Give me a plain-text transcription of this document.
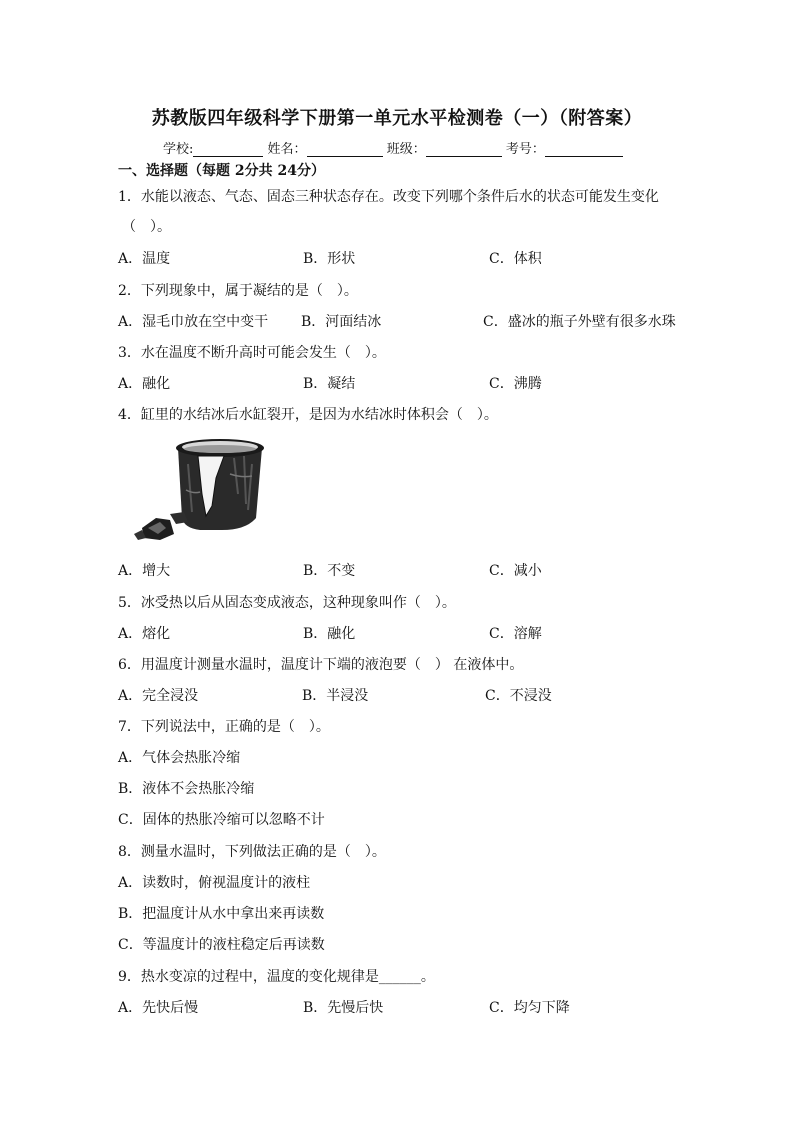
苏教版四年级科学下册第一单元水平检测卷（一）（附答案）
学校:	姓名：	班级：	考号：
一、选择题（每题 2分共 24分）
1．水能以液态、气态、固态三种状态存在。改变下列哪个条件后水的状态可能发生变化
（　）。
A．温度	B．形状	C．体积
2．下列现象中，属于凝结的是（　）。
A．湿毛巾放在空中变干 B．河面结冰	C．盛冰的瓶子外壁有很多水珠
3．水在温度不断升高时可能会发生（　）。
A．融化	B．凝结	C．沸腾
4．缸里的水结冰后水缸裂开，是因为水结冰时体积会（　）。
A．增大	B．不变	C．减小
5．冰受热以后从固态变成液态，这种现象叫作（　）。
A．熔化	B．融化	C．溶解
6．用温度计测量水温时，温度计下端的液泡要（　） 在液体中。
A．完全浸没	B．半浸没	C．不浸没
7．下列说法中，正确的是（　）。
A．气体会热胀冷缩
B．液体不会热胀冷缩
C．固体的热胀冷缩可以忽略不计
8．测量水温时，下列做法正确的是（　）。
A．读数时，俯视温度计的液柱
B．把温度计从水中拿出来再读数
C．等温度计的液柱稳定后再读数
9．热水变凉的过程中，温度的变化规律是______。
A．先快后慢	B．先慢后快	C．均匀下降
